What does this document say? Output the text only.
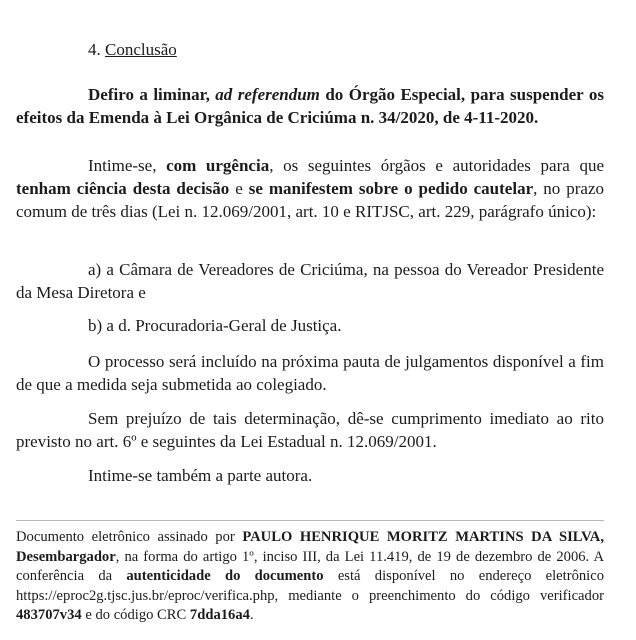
4. Conclusão

Defiro a liminar, ad referendum do Órgão Especial, para suspender os efeitos da Emenda à Lei Orgânica de Criciúma n. 34/2020, de 4-11-2020.

Intime-se, com urgência, os seguintes órgãos e autoridades para que tenham ciência desta decisão e se manifestem sobre o pedido cautelar, no prazo comum de três dias (Lei n. 12.069/2001, art. 10 e RITJSC, art. 229, parágrafo único):

a) a Câmara de Vereadores de Criciúma, na pessoa do Vereador Presidente da Mesa Diretora e

b) a d. Procuradoria-Geral de Justiça.

O processo será incluído na próxima pauta de julgamentos disponível a fim de que a medida seja submetida ao colegiado.

Sem prejuízo de tais determinação, dê-se cumprimento imediato ao rito previsto no art. 6º e seguintes da Lei Estadual n. 12.069/2001.

Intime-se também a parte autora.

Documento eletrônico assinado por PAULO HENRIQUE MORITZ MARTINS DA SILVA, Desembargador, na forma do artigo 1º, inciso III, da Lei 11.419, de 19 de dezembro de 2006. A conferência da autenticidade do documento está disponível no endereço eletrônico https://eproc2g.tjsc.jus.br/eproc/verifica.php, mediante o preenchimento do código verificador 483707v34 e do código CRC 7dda16a4.
